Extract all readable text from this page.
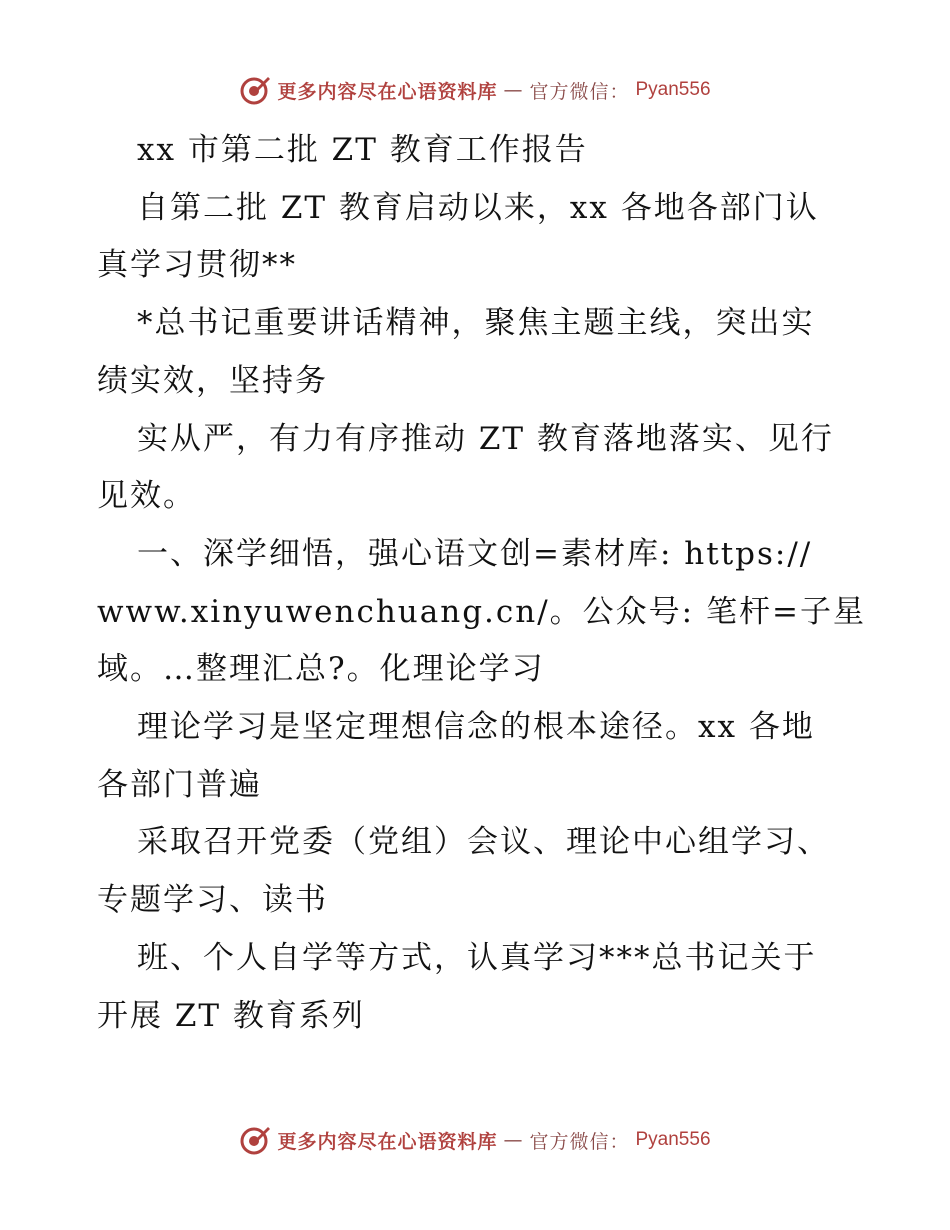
更多内容尽在心语资料库 — 官方微信： Pyan556
xx 市第二批 ZT 教育工作报告
自第二批 ZT 教育启动以来，xx 各地各部门认
真学习贯彻**
*总书记重要讲话精神，聚焦主题主线，突出实
绩实效，坚持务
实从严，有力有序推动 ZT 教育落地落实、见行
见效。
一、深学细悟，强心语文创=素材库: https://
www.xinyuwenchuang.cn/。公众号: 笔杆=子星
域。…整理汇总?。化理论学习
理论学习是坚定理想信念的根本途径。xx 各地
各部门普遍
采取召开党委（党组）会议、理论中心组学习、
专题学习、读书
班、个人自学等方式，认真学习***总书记关于
开展 ZT 教育系列
更多内容尽在心语资料库 — 官方微信： Pyan556
